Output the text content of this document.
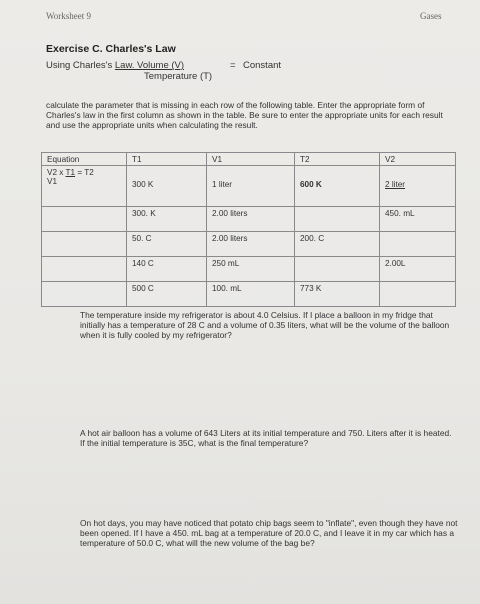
Worksheet 9	Gases
Exercise C. Charles's Law
Using Charles's Law. Volume (V)	= Constant
Temperature (T)
calculate the parameter that is missing in each row of the following table. Enter the appropriate form of Charles's law in the first column as shown in the table. Be sure to enter the appropriate units for each result and use the appropriate units when calculating the result.
Equation	T1	V1	T2	V2

V2 x T1 = T2
V1	300 K	1 liter	600 K	2 liter
	300. K	2.00 liters		450. mL
	50. C	2.00 liters	200. C	
	140 C	250 mL		2.00L
	500 C	100. mL	773 K	
The temperature inside my refrigerator is about 4.0 Celsius. If I place a balloon in my fridge that initially has a temperature of 28 C and a volume of 0.35 liters, what will be the volume of the balloon when it is fully cooled by my refrigerator?
A hot air balloon has a volume of 643 Liters at its initial temperature and 750. Liters after it is heated. If the initial temperature is 35C, what is the final temperature?
On hot days, you may have noticed that potato chip bags seem to "inflate", even though they have not been opened. If I have a 450. mL bag at a temperature of 20.0 C, and I leave it in my car which has a temperature of 50.0 C, what will the new volume of the bag be?
